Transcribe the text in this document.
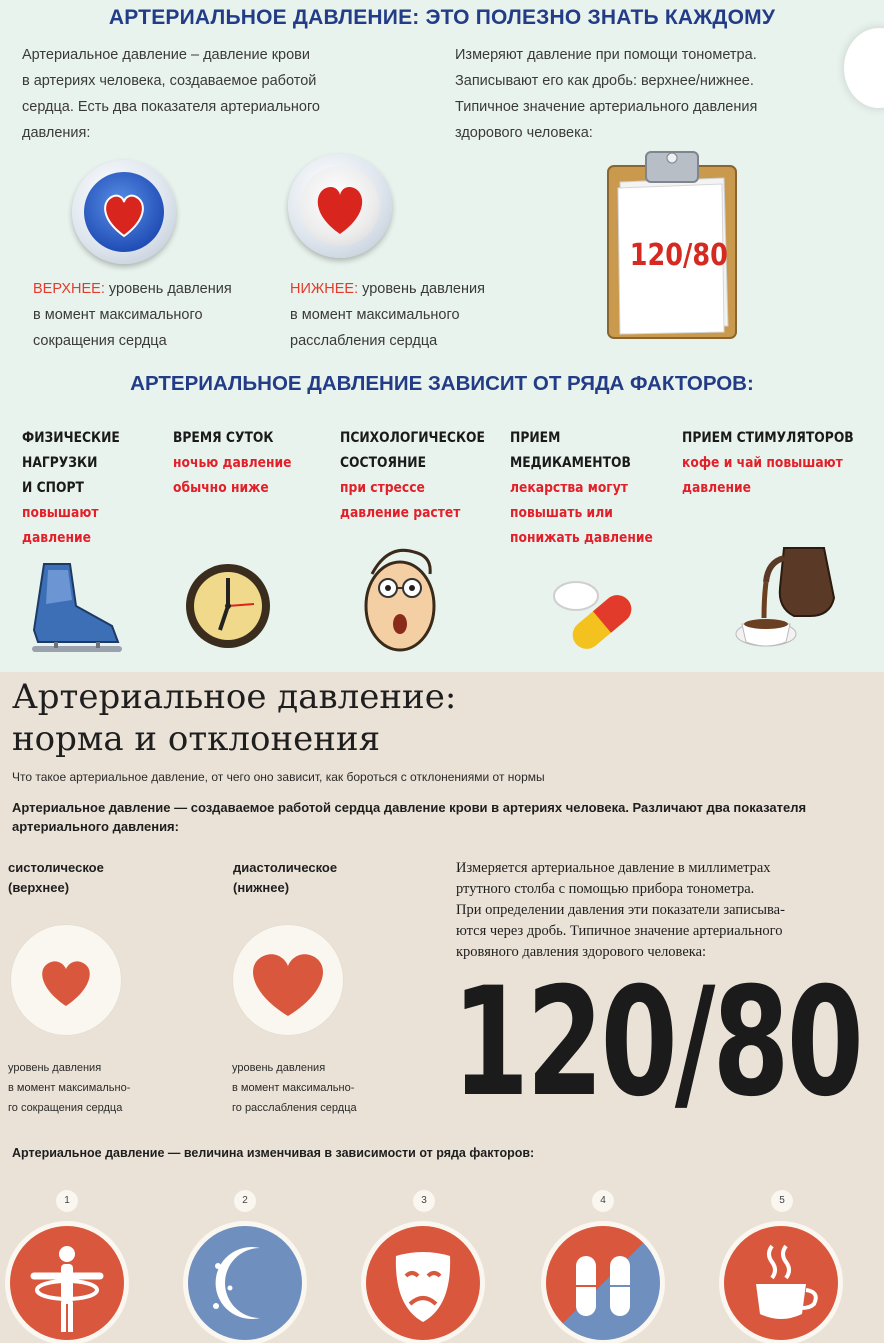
АРТЕРИАЛЬНОЕ ДАВЛЕНИЕ: ЭТО ПОЛЕЗНО ЗНАТЬ КАЖДОМУ
Артериальное давление – давление крови
в артериях человека, создаваемое работой
сердца. Есть два показателя артериального
давления:
Измеряют давление при помощи тонометра.
Записывают его как дробь: верхнее/нижнее.
Типичное значение артериального давления
здорового человека:
ВЕРХНЕЕ: уровень давления
в момент максимального
сокращения сердца
НИЖНЕЕ: уровень давления
в момент максимального
расслабления сердца
120/80
АРТЕРИАЛЬНОЕ ДАВЛЕНИЕ ЗАВИСИТ ОТ РЯДА ФАКТОРОВ:
ФИЗИЧЕСКИЕ
НАГРУЗКИ
И СПОРТ
повышают
давление
ВРЕМЯ СУТОК
ночью давление
обычно ниже
ПСИХОЛОГИЧЕСКОЕ
СОСТОЯНИЕ
при стрессе
давление растет
ПРИЕМ
МЕДИКАМЕНТОВ
лекарства могут
повышать или
понижать давление
ПРИЕМ СТИМУЛЯТОРОВ
кофе и чай повышают
давление
Артериальное давление:
норма и отклонения
Что такое артериальное давление, от чего оно зависит, как бороться с отклонениями от нормы
Артериальное давление — создаваемое работой сердца давление крови в артериях человека. Различают два показателя
артериального давления:
систолическое
(верхнее)
диастолическое
(нижнее)
уровень давления
в момент максимально-
го сокращения сердца
уровень давления
в момент максимально-
го расслабления сердца
Измеряется артериальное давление в миллиметрах
ртутного столба с помощью прибора тонометра.
При определении давления эти показатели записыва-
ются через дробь. Типичное значение артериального
кровяного давления здорового человека:
120/80
Артериальное давление — величина изменчивая в зависимости от ряда факторов:
1	2	3	4	5
